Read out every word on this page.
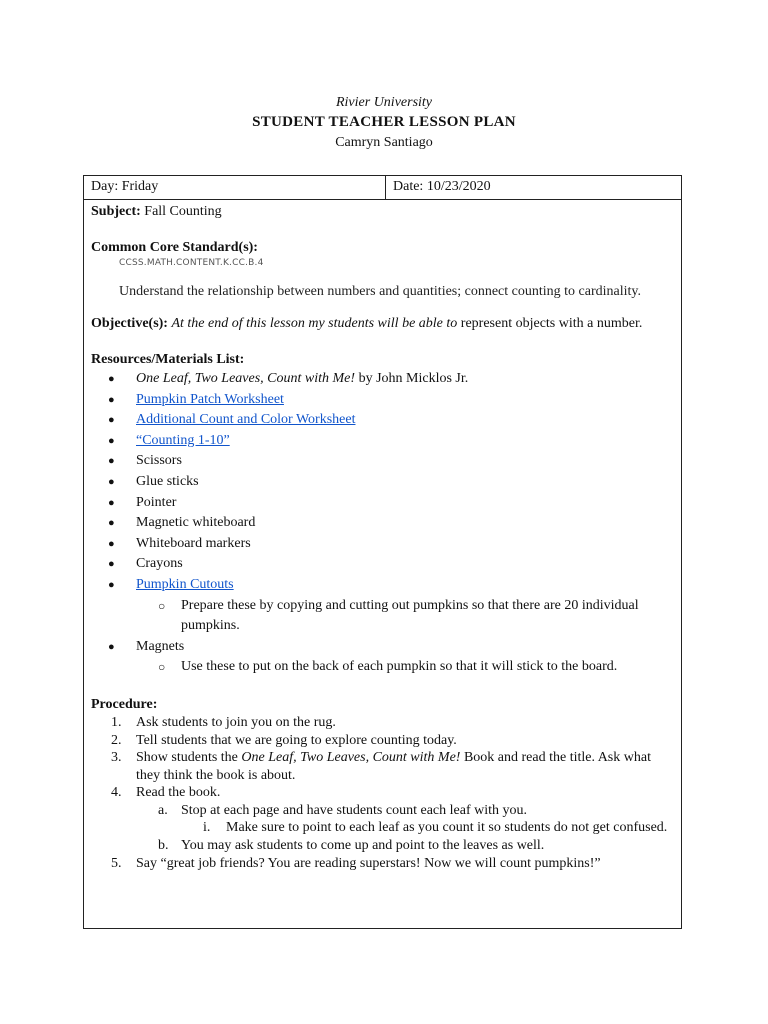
Rivier University
STUDENT TEACHER LESSON PLAN
Camryn Santiago
Day: Friday	Date: 10/23/2020
Subject: Fall Counting
Common Core Standard(s):
CCSS.MATH.CONTENT.K.CC.B.4
Understand the relationship between numbers and quantities; connect counting to cardinality.
Objective(s): At the end of this lesson my students will be able to represent objects with a number.
Resources/Materials List:
● One Leaf, Two Leaves, Count with Me! by John Micklos Jr.
● Pumpkin Patch Worksheet
● Additional Count and Color Worksheet
● “Counting 1-10”
● Scissors
● Glue sticks
● Pointer
● Magnetic whiteboard
● Whiteboard markers
● Crayons
● Pumpkin Cutouts
○ Prepare these by copying and cutting out pumpkins so that there are 20 individual pumpkins.
● Magnets
○ Use these to put on the back of each pumpkin so that it will stick to the board.
Procedure:
1. Ask students to join you on the rug.
2. Tell students that we are going to explore counting today.
3. Show students the One Leaf, Two Leaves, Count with Me! Book and read the title. Ask what they think the book is about.
4. Read the book.
a. Stop at each page and have students count each leaf with you.
i. Make sure to point to each leaf as you count it so students do not get confused.
b. You may ask students to come up and point to the leaves as well.
5. Say “great job friends? You are reading superstars! Now we will count pumpkins!”
